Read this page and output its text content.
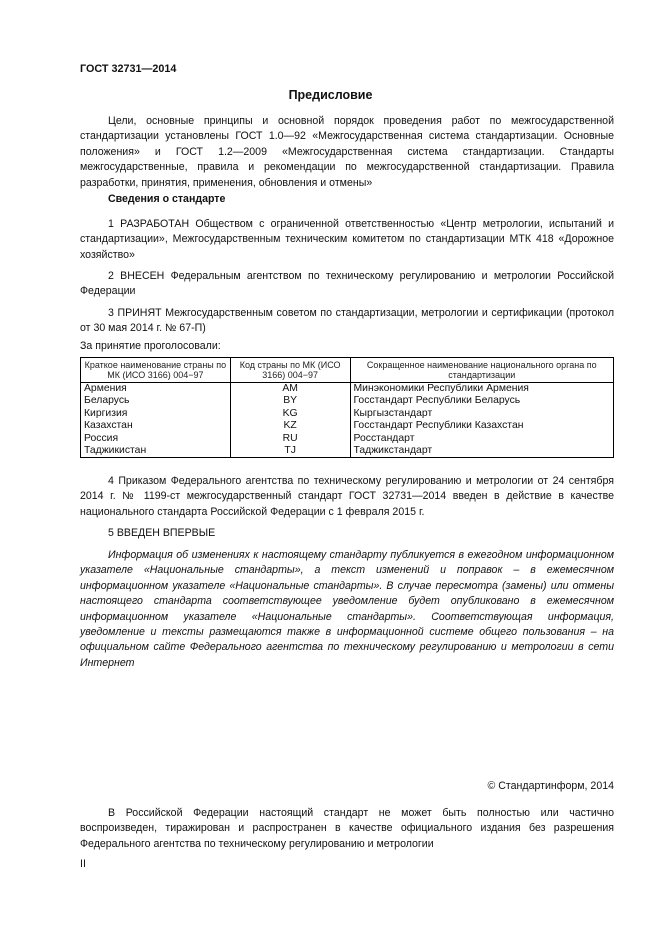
ГОСТ 32731—2014
Предисловие

Цели, основные принципы и основной порядок проведения работ по межгосударственной стандартизации установлены ГОСТ 1.0—92 «Межгосударственная система стандартизации. Основные положения» и ГОСТ 1.2—2009 «Межгосударственная система стандартизации. Стандарты межгосударственные, правила и рекомендации по межгосударственной стандартизации. Правила разработки, принятия, применения, обновления и отмены»

Сведения о стандарте

1 РАЗРАБОТАН Обществом с ограниченной ответственностью «Центр метрологии, испытаний и стандартизации», Межгосударственным техническим комитетом по стандартизации МТК 418 «Дорожное хозяйство»

2 ВНЕСЕН Федеральным агентством по техническому регулированию и метрологии Российской Федерации

3 ПРИНЯТ Межгосударственным советом по стандартизации, метрологии и сертификации (протокол от 30 мая 2014 г. № 67-П)

За принятие проголосовали:
Краткое наименование страны по МК (ИСО 3166) 004−97	Код страны по МК (ИСО 3166) 004−97	Сокращенное наименование национального органа по стандартизации
Армения	AM	Минэкономики Республики Армения
Беларусь	BY	Госстандарт Республики Беларусь
Киргизия	KG	Кыргызстандарт
Казахстан	KZ	Госстандарт Республики Казахстан
Россия	RU	Росстандарт
Таджикистан	TJ	Таджикстандарт

4 Приказом Федерального агентства по техническому регулированию и метрологии от 24 сентября 2014 г. № 1199-ст межгосударственный стандарт ГОСТ 32731—2014 введен в действие в качестве национального стандарта Российской Федерации с 1 февраля 2015 г.

5 ВВЕДЕН ВПЕРВЫЕ

Информация об изменениях к настоящему стандарту публикуется в ежегодном информационном указателе «Национальные стандарты», а текст изменений и поправок – в ежемесячном информационном указателе «Национальные стандарты». В случае пересмотра (замены) или отмены настоящего стандарта соответствующее уведомление будет опубликовано в ежемесячном информационном указателе «Национальные стандарты». Соответствующая информация, уведомление и тексты размещаются также в информационной системе общего пользования – на официальном сайте Федерального агентства по техническому регулированию и метрологии в сети Интернет

© Стандартинформ, 2014

В Российской Федерации настоящий стандарт не может быть полностью или частично воспроизведен, тиражирован и распространен в качестве официального издания без разрешения Федерального агентства по техническому регулированию и метрологии

II
